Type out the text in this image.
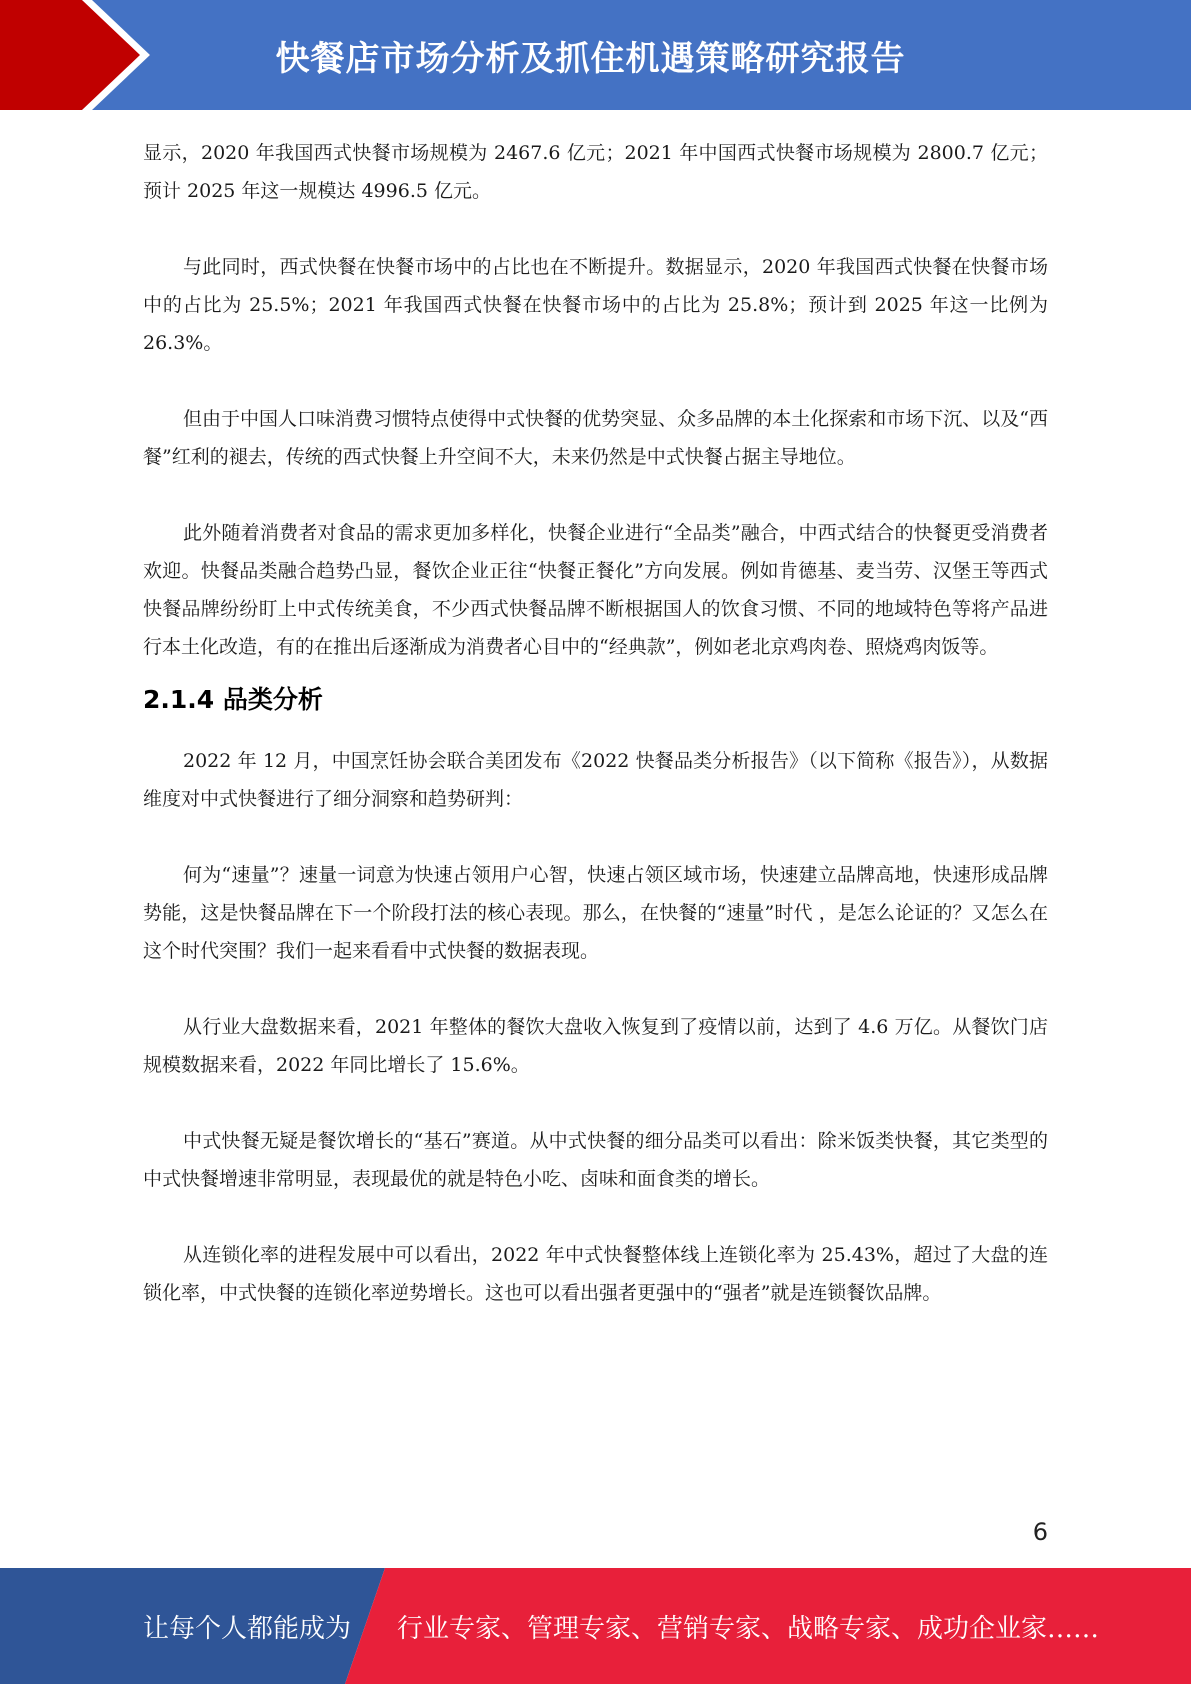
快餐店市场分析及抓住机遇策略研究报告

显示，2020 年我国西式快餐市场规模为 2467.6 亿元；2021 年中国西式快餐市场规模为 2800.7 亿元；预计 2025 年这一规模达 4996.5 亿元。

与此同时，西式快餐在快餐市场中的占比也在不断提升。数据显示，2020 年我国西式快餐在快餐市场中的占比为 25.5%；2021 年我国西式快餐在快餐市场中的占比为 25.8%；预计到 2025 年这一比例为 26.3%。

但由于中国人口味消费习惯特点使得中式快餐的优势突显、众多品牌的本土化探索和市场下沉、以及“西餐”红利的褪去，传统的西式快餐上升空间不大，未来仍然是中式快餐占据主导地位。

此外随着消费者对食品的需求更加多样化，快餐企业进行“全品类”融合，中西式结合的快餐更受消费者欢迎。快餐品类融合趋势凸显，餐饮企业正往“快餐正餐化”方向发展。例如肯德基、麦当劳、汉堡王等西式快餐品牌纷纷盯上中式传统美食，不少西式快餐品牌不断根据国人的饮食习惯、不同的地域特色等将产品进行本土化改造，有的在推出后逐渐成为消费者心目中的“经典款”，例如老北京鸡肉卷、照烧鸡肉饭等。

2.1.4 品类分析

2022 年 12 月，中国烹饪协会联合美团发布《2022 快餐品类分析报告》（以下简称《报告》），从数据维度对中式快餐进行了细分洞察和趋势研判：

何为“速量”？速量一词意为快速占领用户心智，快速占领区域市场，快速建立品牌高地，快速形成品牌势能，这是快餐品牌在下一个阶段打法的核心表现。那么，在快餐的“速量”时代 ，是怎么论证的？又怎么在这个时代突围？我们一起来看看中式快餐的数据表现。

从行业大盘数据来看，2021 年整体的餐饮大盘收入恢复到了疫情以前，达到了 4.6 万亿。从餐饮门店规模数据来看，2022 年同比增长了 15.6%。

中式快餐无疑是餐饮增长的“基石”赛道。从中式快餐的细分品类可以看出：除米饭类快餐，其它类型的中式快餐增速非常明显，表现最优的就是特色小吃、卤味和面食类的增长。

从连锁化率的进程发展中可以看出，2022 年中式快餐整体线上连锁化率为 25.43%，超过了大盘的连锁化率，中式快餐的连锁化率逆势增长。这也可以看出强者更强中的“强者”就是连锁餐饮品牌。

6
让每个人都能成为 行业专家、管理专家、营销专家、战略专家、成功企业家……
